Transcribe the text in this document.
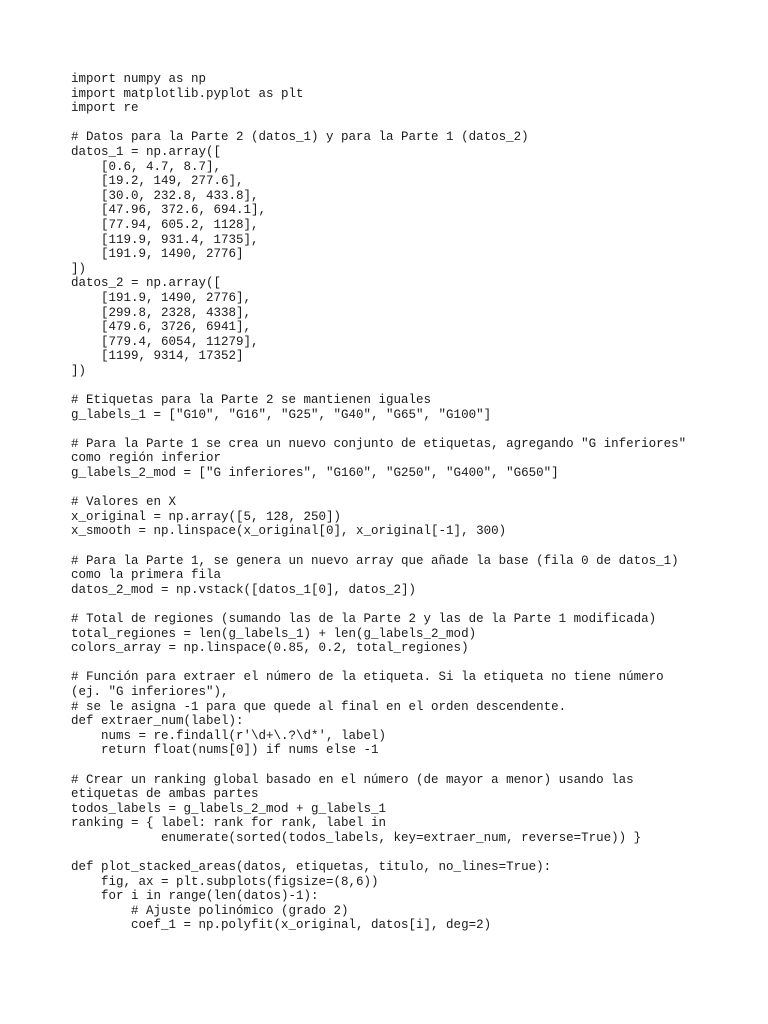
import numpy as np
import matplotlib.pyplot as plt
import re

# Datos para la Parte 2 (datos_1) y para la Parte 1 (datos_2)
datos_1 = np.array([
[0.6, 4.7, 8.7],
[19.2, 149, 277.6],
[30.0, 232.8, 433.8],
[47.96, 372.6, 694.1],
[77.94, 605.2, 1128],
[119.9, 931.4, 1735],
[191.9, 1490, 2776]
])
datos_2 = np.array([
[191.9, 1490, 2776],
[299.8, 2328, 4338],
[479.6, 3726, 6941],
[779.4, 6054, 11279],
[1199, 9314, 17352]
])

# Etiquetas para la Parte 2 se mantienen iguales
g_labels_1 = ["G10", "G16", "G25", "G40", "G65", "G100"]

# Para la Parte 1 se crea un nuevo conjunto de etiquetas, agregando "G inferiores"
como región inferior
g_labels_2_mod = ["G inferiores", "G160", "G250", "G400", "G650"]

# Valores en X
x_original = np.array([5, 128, 250])
x_smooth = np.linspace(x_original[0], x_original[-1], 300)

# Para la Parte 1, se genera un nuevo array que añade la base (fila 0 de datos_1)
como la primera fila
datos_2_mod = np.vstack([datos_1[0], datos_2])

# Total de regiones (sumando las de la Parte 2 y las de la Parte 1 modificada)
total_regiones = len(g_labels_1) + len(g_labels_2_mod)
colors_array = np.linspace(0.85, 0.2, total_regiones)

# Función para extraer el número de la etiqueta. Si la etiqueta no tiene número
(ej. "G inferiores"),
# se le asigna -1 para que quede al final en el orden descendente.
def extraer_num(label):
nums = re.findall(r'\d+\.?\d*', label)
return float(nums[0]) if nums else -1

# Crear un ranking global basado en el número (de mayor a menor) usando las
etiquetas de ambas partes
todos_labels = g_labels_2_mod + g_labels_1
ranking = { label: rank for rank, label in
enumerate(sorted(todos_labels, key=extraer_num, reverse=True)) }

def plot_stacked_areas(datos, etiquetas, titulo, no_lines=True):
fig, ax = plt.subplots(figsize=(8,6))
for i in range(len(datos)-1):
# Ajuste polinómico (grado 2)
coef_1 = np.polyfit(x_original, datos[i], deg=2)
